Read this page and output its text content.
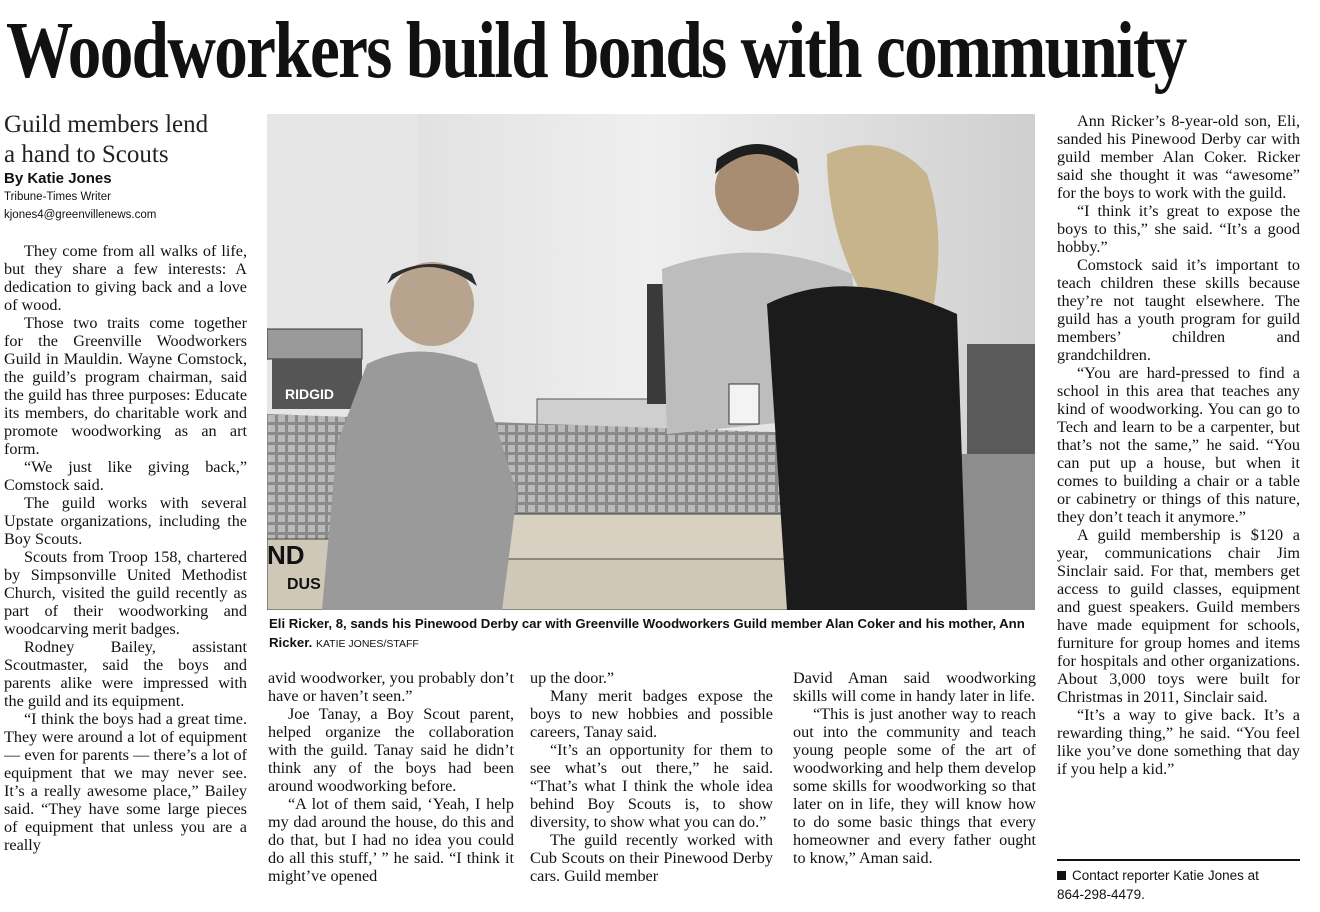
Woodworkers build bonds with community

Guild members lend

a hand to Scouts

By Katie Jones

Tribune-Times Writer

kjones4@greenvillenews.com

They come from all walks of life, but they share a few interests: A dedication to giving back and a love of wood.

Those two traits come together for the Greenville Woodworkers Guild in Mauldin. Wayne Comstock, the guild’s program chairman, said the guild has three purposes: Educate its members, do charitable work and promote woodworking as an art form.

“We just like giving back,” Comstock said.

The guild works with several Upstate organizations, including the Boy Scouts.

Scouts from Troop 158, chartered by Simpsonville United Methodist Church, visited the guild recently as part of their woodworking and woodcarving merit badges.

Rodney Bailey, assistant Scoutmaster, said the boys and parents alike were impressed with the guild and its equipment.

“I think the boys had a great time. They were around a lot of equipment — even for parents — there’s a lot of equipment that we may never see. It’s a really awesome place,” Bailey said. “They have some large pieces of equipment that unless you are a really

RIDGID
ND
DUS
Eli Ricker, 8, sands his Pinewood Derby car with Greenville Woodworkers Guild member Alan Coker and his mother, Ann Ricker. KATIE JONES/STAFF

avid woodworker, you probably don’t have or haven’t seen.”

Joe Tanay, a Boy Scout parent, helped organize the collaboration with the guild. Tanay said he didn’t think any of the boys had been around woodworking before.

“A lot of them said, ‘Yeah, I help my dad around the house, do this and do that, but I had no idea you could do all this stuff,’ ” he said. “I think it might’ve opened

up the door.”

Many merit badges expose the boys to new hobbies and possible careers, Tanay said.

“It’s an opportunity for them to see what’s out there,” he said. “That’s what I think the whole idea behind Boy Scouts is, to show diversity, to show what you can do.”

The guild recently worked with Cub Scouts on their Pinewood Derby cars. Guild member

David Aman said woodworking skills will come in handy later in life.

“This is just another way to reach out into the community and teach young people some of the art of woodworking and help them develop some skills for woodworking so that later on in life, they will know how to do some basic things that every homeowner and every father ought to know,” Aman said.

Ann Ricker’s 8-year-old son, Eli, sanded his Pinewood Derby car with guild member Alan Coker. Ricker said she thought it was “awesome” for the boys to work with the guild.

“I think it’s great to expose the boys to this,” she said. “It’s a good hobby.”

Comstock said it’s important to teach children these skills because they’re not taught elsewhere. The guild has a youth program for guild members’ children and grandchildren.

“You are hard-pressed to find a school in this area that teaches any kind of woodworking. You can go to Tech and learn to be a carpenter, but that’s not the same,” he said. “You can put up a house, but when it comes to building a chair or a table or cabinetry or things of this nature, they don’t teach it anymore.”

A guild membership is $120 a year, communications chair Jim Sinclair said. For that, members get access to guild classes, equipment and guest speakers. Guild members have made equipment for schools, furniture for group homes and items for hospitals and other organizations. About 3,000 toys were built for Christmas in 2011, Sinclair said.

“It’s a way to give back. It’s a rewarding thing,” he said. “You feel like you’ve done something that day if you help a kid.”

Contact reporter Katie Jones at
864-298-4479.
